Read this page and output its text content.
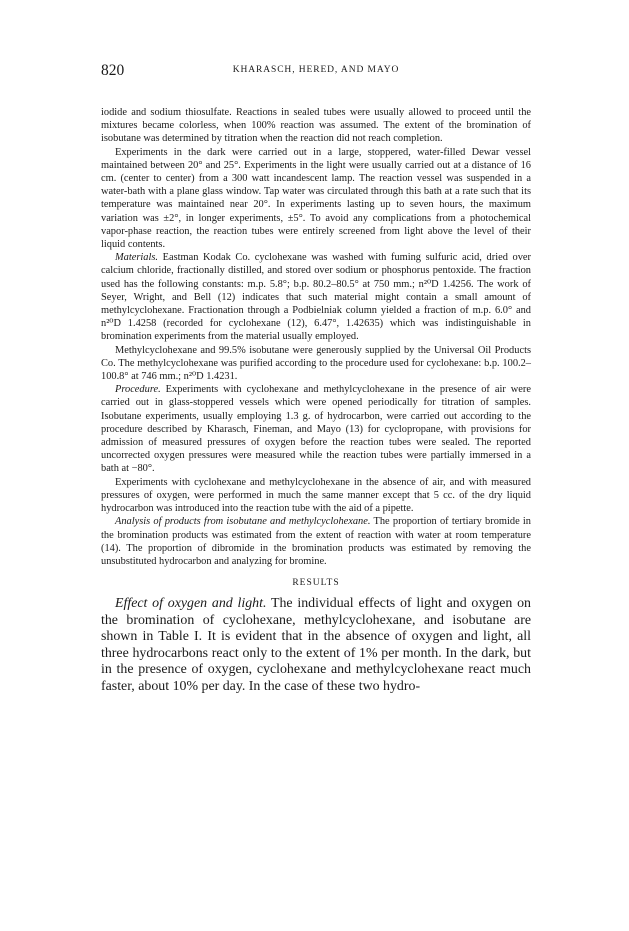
820	KHARASCH, HERED, AND MAYO

iodide and sodium thiosulfate. Reactions in sealed tubes were usually allowed to proceed until the mixtures became colorless, when 100% reaction was assumed. The extent of the bromination of isobutane was determined by titration when the reaction did not reach completion.

Experiments in the dark were carried out in a large, stoppered, water-filled Dewar vessel maintained between 20° and 25°. Experiments in the light were usually carried out at a distance of 16 cm. (center to center) from a 300 watt incandescent lamp. The reaction vessel was suspended in a water-bath with a plane glass window. Tap water was circulated through this bath at a rate such that its temperature was maintained near 20°. In experiments lasting up to seven hours, the maximum variation was ±2°, in longer experiments, ±5°. To avoid any complications from a photochemical vapor-phase reaction, the reaction tubes were entirely screened from light above the level of their liquid contents.

Materials. Eastman Kodak Co. cyclohexane was washed with fuming sulfuric acid, dried over calcium chloride, fractionally distilled, and stored over sodium or phosphorus pentoxide. The fraction used has the following constants: m.p. 5.8°; b.p. 80.2–80.5° at 750 mm.; n²⁰D 1.4256. The work of Seyer, Wright, and Bell (12) indicates that such material might contain a small amount of methylcyclohexane. Fractionation through a Podbielniak column yielded a fraction of m.p. 6.0° and n²⁰D 1.4258 (recorded for cyclohexane (12), 6.47°, 1.42635) which was indistinguishable in bromination experiments from the material usually employed.

Methylcyclohexane and 99.5% isobutane were generously supplied by the Universal Oil Products Co. The methylcyclohexane was purified according to the procedure used for cyclohexane: b.p. 100.2–100.8° at 746 mm.; n²⁰D 1.4231.

Procedure. Experiments with cyclohexane and methylcyclohexane in the presence of air were carried out in glass-stoppered vessels which were opened periodically for titration of samples. Isobutane experiments, usually employing 1.3 g. of hydrocarbon, were carried out according to the procedure described by Kharasch, Fineman, and Mayo (13) for cyclopropane, with provisions for admission of measured pressures of oxygen before the reaction tubes were sealed. The reported uncorrected oxygen pressures were measured while the reaction tubes were partially immersed in a bath at −80°.

Experiments with cyclohexane and methylcyclohexane in the absence of air, and with measured pressures of oxygen, were performed in much the same manner except that 5 cc. of the dry liquid hydrocarbon was introduced into the reaction tube with the aid of a pipette.

Analysis of products from isobutane and methylcyclohexane. The proportion of tertiary bromide in the bromination products was estimated from the extent of reaction with water at room temperature (14). The proportion of dibromide in the bromination products was estimated by removing the unsubstituted hydrocarbon and analyzing for bromine.

RESULTS

Effect of oxygen and light. The individual effects of light and oxygen on the bromination of cyclohexane, methylcyclohexane, and isobutane are shown in Table I. It is evident that in the absence of oxygen and light, all three hydrocarbons react only to the extent of 1% per month. In the dark, but in the presence of oxygen, cyclohexane and methylcyclohexane react much faster, about 10% per day. In the case of these two hydro-
